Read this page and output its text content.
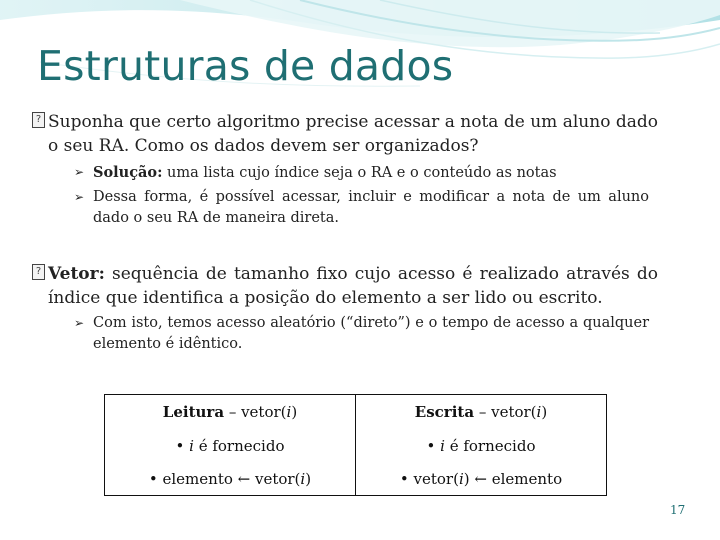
Estruturas de dados
? Suponha que certo algoritmo precise acessar a nota de um aluno dado o seu RA. Como os dados devem ser organizados?
➢ Solução: uma lista cujo índice seja o RA e o conteúdo as notas
➢ Dessa forma, é possível acessar, incluir e modificar a nota de um aluno dado o seu RA de maneira direta.
? Vetor: sequência de tamanho fixo cujo acesso é realizado através do índice que identifica a posição do elemento a ser lido ou escrito.
➢ Com isto, temos acesso aleatório (“direto”) e o tempo de acesso a qualquer elemento é idêntico.
Leitura – vetor(i)	Escrita – vetor(i)
• i é fornecido	• i é fornecido
• elemento ← vetor(i)	• vetor(i) ← elemento
17
